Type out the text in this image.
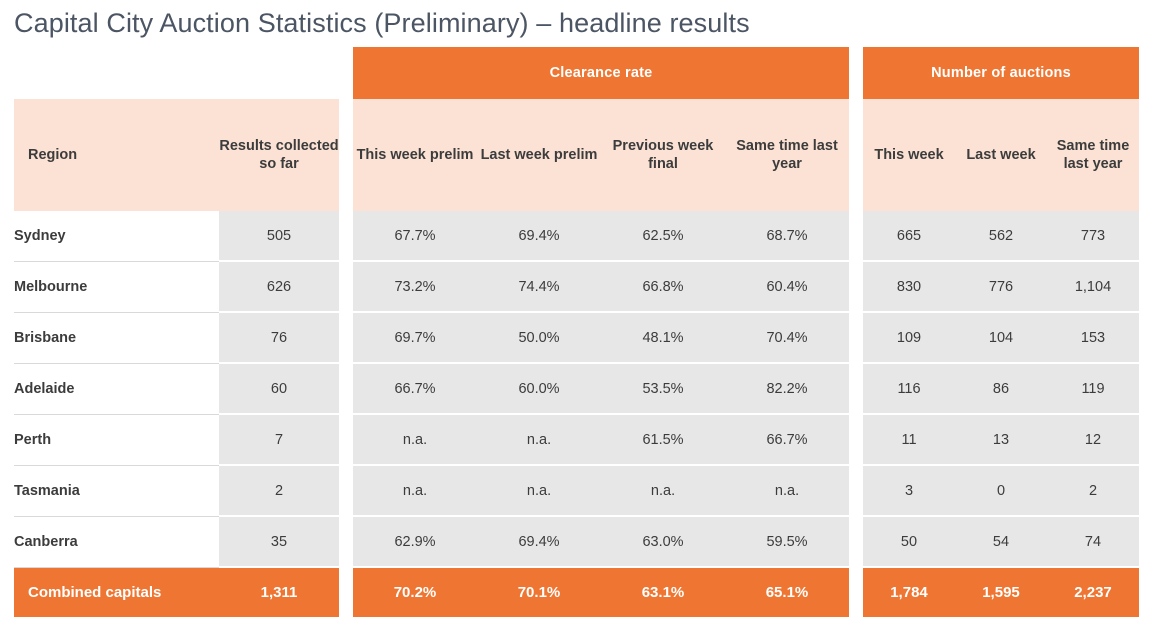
Capital City Auction Statistics (Preliminary) – headline results
			Clearance rate					Number of auctions		
Region	Results collected so far		This week prelim	Last week prelim	Previous week final	Same time last year		This week	Last week	Same time last year
Sydney	505		67.7%	69.4%	62.5%	68.7%		665	562	773
Melbourne	626		73.2%	74.4%	66.8%	60.4%		830	776	1,104
Brisbane	76		69.7%	50.0%	48.1%	70.4%		109	104	153
Adelaide	60		66.7%	60.0%	53.5%	82.2%		116	86	119
Perth	7		n.a.	n.a.	61.5%	66.7%		11	13	12
Tasmania	2		n.a.	n.a.	n.a.	n.a.		3	0	2
Canberra	35		62.9%	69.4%	63.0%	59.5%		50	54	74
Combined capitals	1,311		70.2%	70.1%	63.1%	65.1%		1,784	1,595	2,237
